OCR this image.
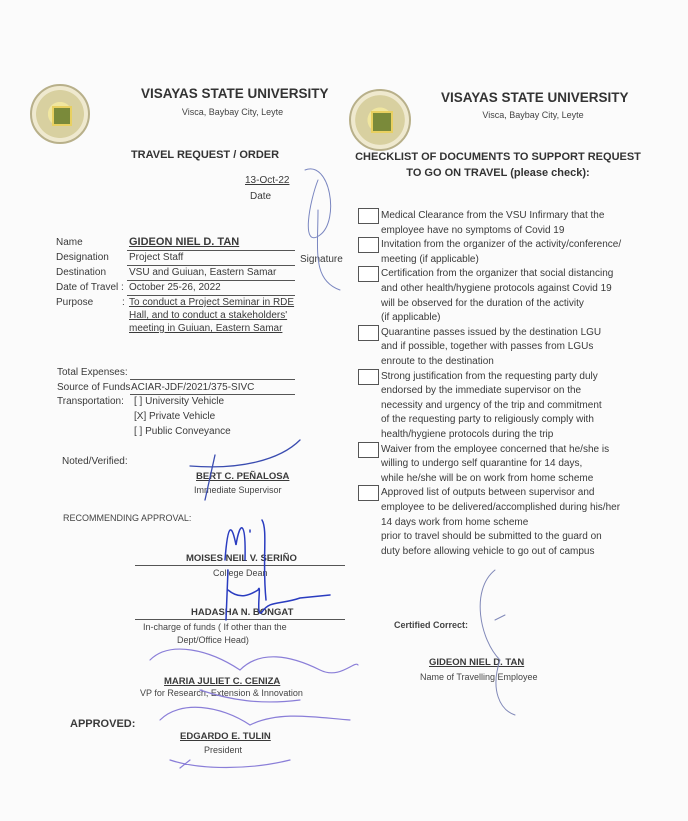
VISAYAS STATE UNIVERSITY
Visca, Baybay City, Leyte
TRAVEL REQUEST / ORDER
13-Oct-22
Date
Name	GIDEON NIEL D. TAN
Designation Project Staff	Signature
Destination VSU and Guiuan, Eastern Samar
Date of Travel : October 25-26, 2022
Purpose	: To conduct a Project Seminar in RDE
Hall, and to conduct a stakeholders'
meeting in Guiuan, Eastern Samar
Total Expenses:
Source of Funds ACIAR-JDF/2021/375-SIVC
Transportation: [ ] University Vehicle
[X] Private Vehicle
[ ] Public Conveyance
Noted/Verified:
BERT C. PEÑALOSA
Immediate Supervisor
RECOMMENDING APPROVAL:
MOISES NEIL V. SERIÑO
College Dean
HADASHA N. BONGAT
In-charge of funds ( If other than the
Dept/Office Head)
MARIA JULIET C. CENIZA
VP for Research, Extension & Innovation
APPROVED:
EDGARDO E. TULIN
President
VISAYAS STATE UNIVERSITY
Visca, Baybay City, Leyte
CHECKLIST OF DOCUMENTS TO SUPPORT REQUEST
TO GO ON TRAVEL (please check):
Medical Clearance from the VSU Infirmary that the
employee have no symptoms of Covid 19
Invitation from the organizer of the activity/conference/
meeting (if applicable)
Certification from the organizer that social distancing
and other health/hygiene protocols against Covid 19
will be observed for the duration of the activity
(if applicable)
Quarantine passes issued by the destination LGU
and if possible, together with passes from LGUs
enroute to the destination
Strong justification from the requesting party duly
endorsed by the immediate supervisor on the
necessity and urgency of the trip and commitment
of the requesting party to religiously comply with
health/hygiene protocols during the trip
Waiver from the employee concerned that he/she is
willing to undergo self quarantine for 14 days,
while he/she will be on work from home scheme
Approved list of outputs between supervisor and
employee to be delivered/accomplished during his/her
14 days work from home scheme
prior to travel should be submitted to the guard on
duty before allowing vehicle to go out of campus
Certified Correct:
GIDEON NIEL D. TAN
Name of Travelling Employee
